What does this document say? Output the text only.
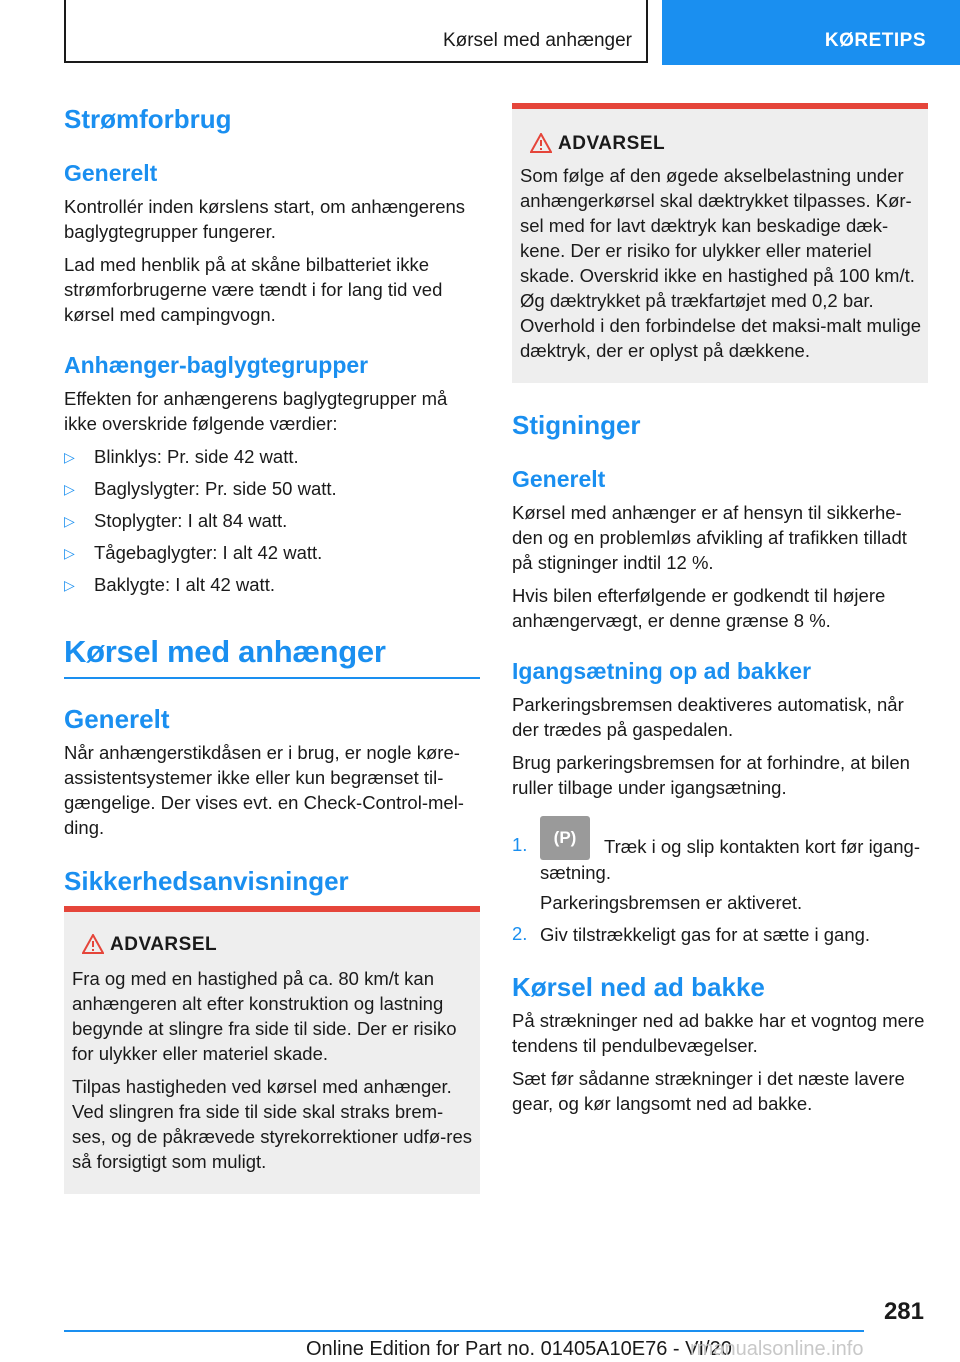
Kørsel med anhænger	KØRETIPS
Strømforbrug
Generelt

Kontrollér inden kørslens start, om anhængerens baglygtegrupper fungerer.

Lad med henblik på at skåne bilbatteriet ikke strømforbrugerne være tændt i for lang tid ved kørsel med campingvogn.

Anhænger-baglygtegrupper

Effekten for anhængerens baglygtegrupper må ikke overskride følgende værdier:

▷ Blinklys: Pr. side 42 watt.
▷ Baglyslygter: Pr. side 50 watt.
▷ Stoplygter: I alt 84 watt.
▷ Tågebaglygter: I alt 42 watt.
▷ Baklygte: I alt 42 watt.
Kørsel med anhænger
Generelt

Når anhængerstikdåsen er i brug, er nogle køre-assistentsystemer ikke eller kun begrænset til-gængelige. Der vises evt. en Check-Control-mel-ding.

Sikkerhedsanvisninger
ADVARSEL

Fra og med en hastighed på ca. 80 km/t kan anhængeren alt efter konstruktion og lastning begynde at slingre fra side til side. Der er risiko for ulykker eller materiel skade.

Tilpas hastigheden ved kørsel med anhænger. Ved slingren fra side til side skal straks brem-ses, og de påkrævede styrekorrektioner udfø-res så forsigtigt som muligt.

ADVARSEL

Som følge af den øgede akselbelastning under anhængerkørsel skal dæktrykket tilpasses. Kør-sel med for lavt dæktryk kan beskadige dæk-kene. Der er risiko for ulykker eller materiel skade. Overskrid ikke en hastighed på 100 km/t. Øg dæktrykket på trækfartøjet med 0,2 bar. Overhold i den forbindelse det maksi-malt mulige dæktryk, der er oplyst på dækkene.

Stigninger
Generelt

Kørsel med anhænger er af hensyn til sikkerhe-den og en problemløs afvikling af trafikken tilladt på stigninger indtil 12 %.

Hvis bilen efterfølgende er godkendt til højere anhængervægt, er denne grænse 8 %.

Igangsætning op ad bakker

Parkeringsbremsen deaktiveres automatisk, når der trædes på gaspedalen.

Brug parkeringsbremsen for at forhindre, at bilen ruller tilbage under igangsætning.

1. (P) Træk i og slip kontakten kort før igang-
sætning.
Parkeringsbremsen er aktiveret.
2. Giv tilstrækkeligt gas for at sætte i gang.
Kørsel ned ad bakke

På strækninger ned ad bakke har et vogntog mere tendens til pendulbevægelser.

Sæt før sådanne strækninger i det næste lavere gear, og kør langsomt ned ad bakke.

281
Online Edition for Part no. 01405A10E76 - VI/20
rmanualsonline.info
